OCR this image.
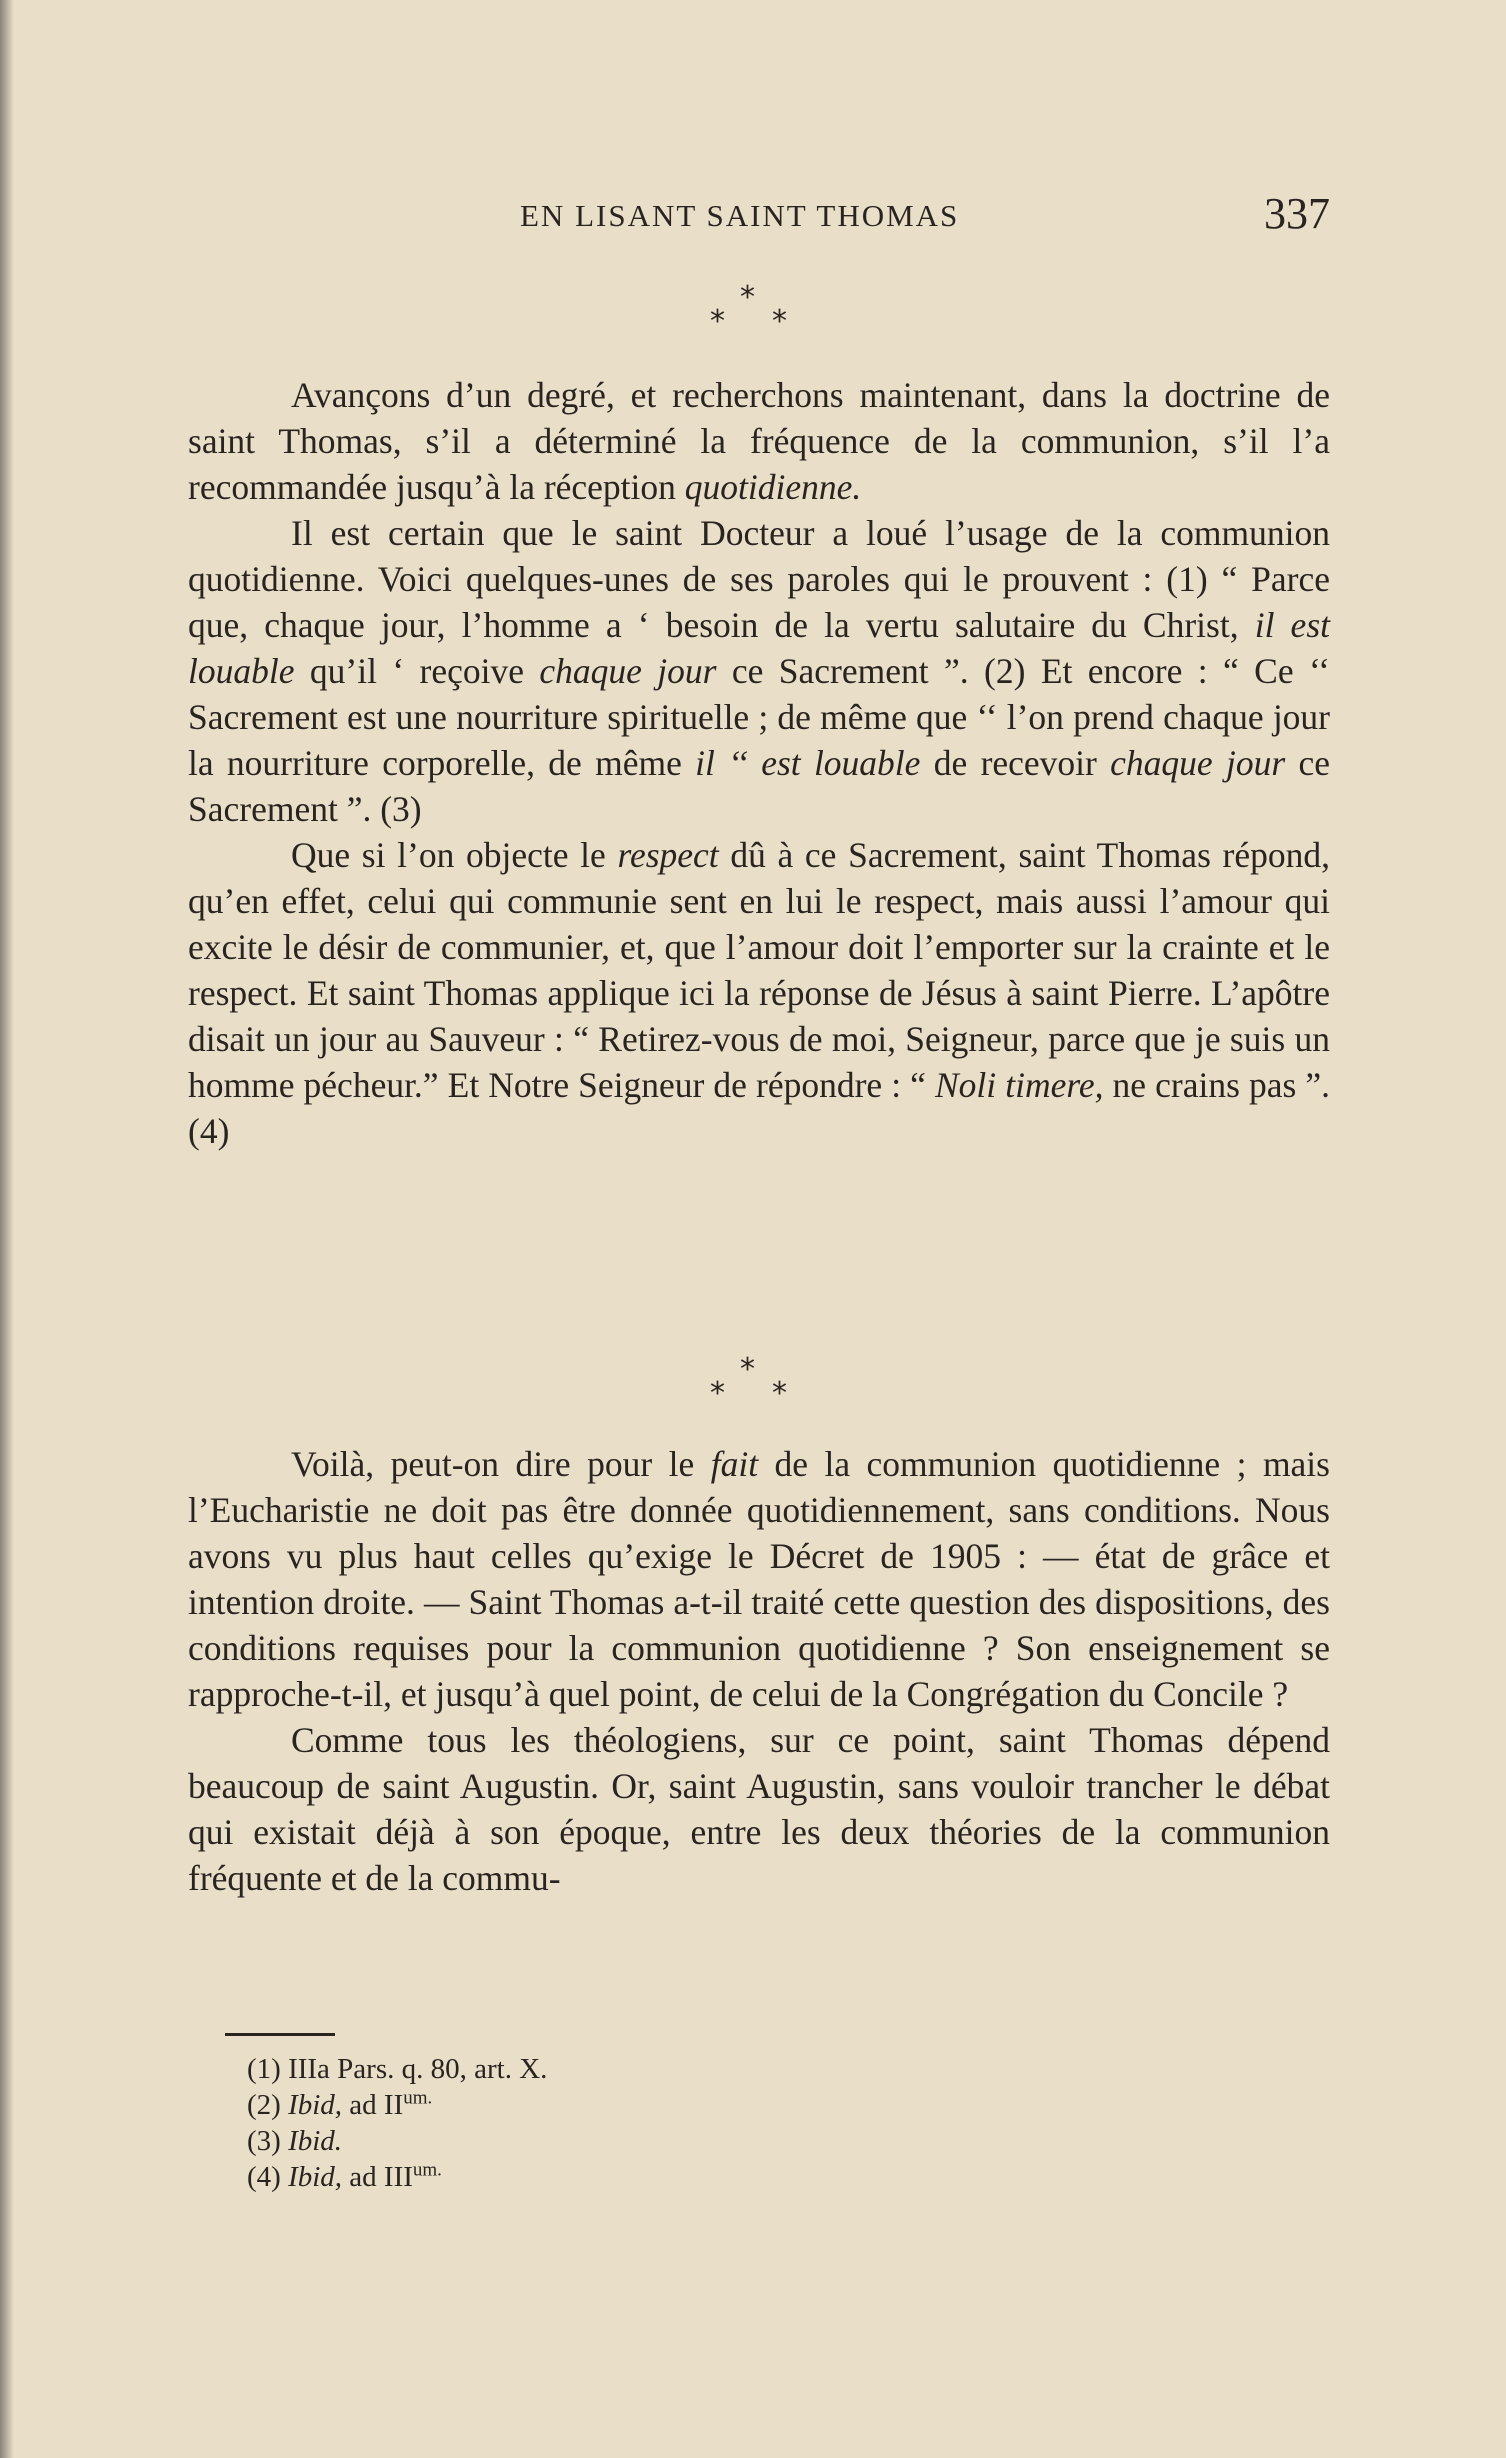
EN LISANT SAINT THOMAS	337
*
* *

Avançons d’un degré, et recherchons maintenant, dans la doctrine de saint Thomas, s’il a déterminé la fréquence de la communion, s’il l’a recommandée jusqu’à la réception quotidienne.

Il est certain que le saint Docteur a loué l’usage de la communion quotidienne. Voici quelques-unes de ses paroles qui le prouvent : (1) “ Parce que, chaque jour, l’homme a ‘ besoin de la vertu salutaire du Christ, il est louable qu’il ‘ reçoive chaque jour ce Sacrement ”. (2) Et encore : “ Ce ‘‘ Sacrement est une nourriture spirituelle ; de même que ‘‘ l’on prend chaque jour la nourriture corporelle, de même il ‘‘ est louable de recevoir chaque jour ce Sacrement ”. (3)

Que si l’on objecte le respect dû à ce Sacrement, saint Thomas répond, qu’en effet, celui qui communie sent en lui le respect, mais aussi l’amour qui excite le désir de communier, et, que l’amour doit l’emporter sur la crainte et le respect. Et saint Thomas applique ici la réponse de Jésus à saint Pierre. L’apôtre disait un jour au Sauveur : “ Retirez-vous de moi, Seigneur, parce que je suis un homme pécheur.” Et Notre Seigneur de répondre : “ Noli timere, ne crains pas ”. (4)

*
* *

Voilà, peut-on dire pour le fait de la communion quotidienne ; mais l’Eucharistie ne doit pas être donnée quotidiennement, sans conditions. Nous avons vu plus haut celles qu’exige le Décret de 1905 : — état de grâce et intention droite. — Saint Thomas a-t-il traité cette question des dispositions, des conditions requises pour la communion quotidienne ? Son enseignement se rapproche-t-il, et jusqu’à quel point, de celui de la Congrégation du Concile ?

Comme tous les théologiens, sur ce point, saint Thomas dépend beaucoup de saint Augustin. Or, saint Augustin, sans vouloir trancher le débat qui existait déjà à son époque, entre les deux théories de la communion fréquente et de la commu-

(1) IIIa Pars. q. 80, art. X.
(2) Ibid, ad $II^{um.}$
(3) Ibid.
(4) Ibid, ad $III^{um.}$
